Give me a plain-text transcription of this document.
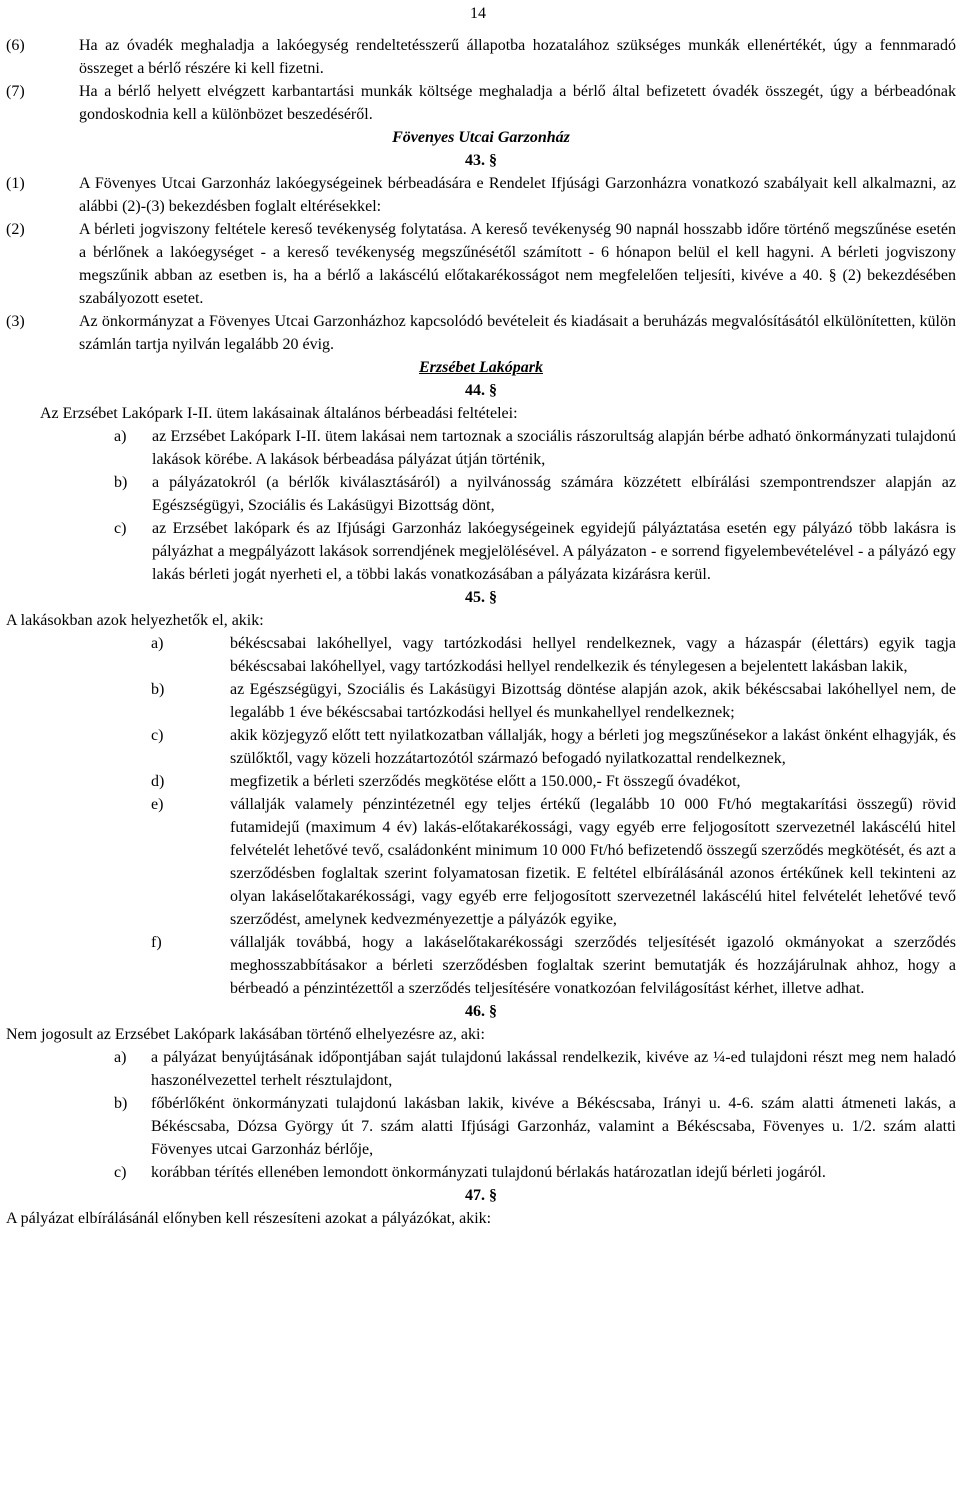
14

(6)	Ha az óvadék meghaladja a lakóegység rendeltetésszerű állapotba hozatalához szükséges munkák ellenértékét, úgy a fennmaradó összeget a bérlő részére ki kell fizetni.

(7)	Ha a bérlő helyett elvégzett karbantartási munkák költsége meghaladja a bérlő által befizetett óvadék összegét, úgy a bérbeadónak gondoskodnia kell a különbözet beszedéséről.

Fövenyes Utcai Garzonház

43. §

(1)	A Fövenyes Utcai Garzonház lakóegységeinek bérbeadására e Rendelet Ifjúsági Garzonházra vonatkozó szabályait kell alkalmazni, az alábbi (2)-(3) bekezdésben foglalt eltérésekkel:

(2)	A bérleti jogviszony feltétele kereső tevékenység folytatása. A kereső tevékenység 90 napnál hosszabb időre történő megszűnése esetén a bérlőnek a lakóegységet - a kereső tevékenység megszűnésétől számított - 6 hónapon belül el kell hagyni. A bérleti jogviszony megszűnik abban az esetben is, ha a bérlő a lakáscélú előtakarékosságot nem megfelelően teljesíti, kivéve a 40. § (2) bekezdésében szabályozott esetet.

(3)	Az önkormányzat a Fövenyes Utcai Garzonházhoz kapcsolódó bevételeit és kiadásait a beruházás megvalósításától elkülönítetten, külön számlán tartja nyilván legalább 20 évig.

Erzsébet Lakópark

44. §

Az Erzsébet Lakópark I-II. ütem lakásainak általános bérbeadási feltételei:

a) az Erzsébet Lakópark I-II. ütem lakásai nem tartoznak a szociális rászorultság alapján bérbe adható önkormányzati tulajdonú lakások körébe. A lakások bérbeadása pályázat útján történik,

b) a pályázatokról (a bérlők kiválasztásáról) a nyilvánosság számára közzétett elbírálási szempontrendszer alapján az Egészségügyi, Szociális és Lakásügyi Bizottság dönt,

c) az Erzsébet lakópark és az Ifjúsági Garzonház lakóegységeinek egyidejű pályáztatása esetén egy pályázó több lakásra is pályázhat a megpályázott lakások sorrendjének megjelölésével. A pályázaton - e sorrend figyelembevételével - a pályázó egy lakás bérleti jogát nyerheti el, a többi lakás vonatkozásában a pályázata kizárásra kerül.

45. §

A lakásokban azok helyezhetők el, akik:

a)	békéscsabai lakóhellyel, vagy tartózkodási hellyel rendelkeznek, vagy a házaspár (élettárs) egyik tagja békéscsabai lakóhellyel, vagy tartózkodási hellyel rendelkezik és ténylegesen a bejelentett lakásban lakik,

b)	az Egészségügyi, Szociális és Lakásügyi Bizottság döntése alapján azok, akik békéscsabai lakóhellyel nem, de legalább 1 éve békéscsabai tartózkodási hellyel és munkahellyel rendelkeznek;

c)	akik közjegyző előtt tett nyilatkozatban vállalják, hogy a bérleti jog megszűnésekor a lakást önként elhagyják, és szülőktől, vagy közeli hozzátartozótól származó befogadó nyilatkozattal rendelkeznek,

d)	megfizetik a bérleti szerződés megkötése előtt a 150.000,- Ft összegű óvadékot,

e)	vállalják valamely pénzintézetnél egy teljes értékű (legalább 10 000 Ft/hó megtakarítási összegű) rövid futamidejű (maximum 4 év) lakás-előtakarékossági, vagy egyéb erre feljogosított szervezetnél lakáscélú hitel felvételét lehetővé tevő, családonként minimum 10 000 Ft/hó befizetendő összegű szerződés megkötését, és azt a szerződésben foglaltak szerint folyamatosan fizetik. E feltétel elbírálásánál azonos értékűnek kell tekinteni az olyan lakáselőtakarékossági, vagy egyéb erre feljogosított szervezetnél lakáscélú hitel felvételét lehetővé tevő szerződést, amelynek kedvezményezettje a pályázók egyike,

f)	vállalják továbbá, hogy a lakáselőtakarékossági szerződés teljesítését igazoló okmányokat a szerződés meghosszabbításakor a bérleti szerződésben foglaltak szerint bemutatják és hozzájárulnak ahhoz, hogy a bérbeadó a pénzintézettől a szerződés teljesítésére vonatkozóan felvilágosítást kérhet, illetve adhat.

46. §

Nem jogosult az Erzsébet Lakópark lakásában történő elhelyezésre az, aki:

a) a pályázat benyújtásának időpontjában saját tulajdonú lakással rendelkezik, kivéve az ¼-ed tulajdoni részt meg nem haladó haszonélvezettel terhelt résztulajdont,

b) főbérlőként önkormányzati tulajdonú lakásban lakik, kivéve a Békéscsaba, Irányi u. 4-6. szám alatti átmeneti lakás, a Békéscsaba, Dózsa György út 7. szám alatti Ifjúsági Garzonház, valamint a Békéscsaba, Fövenyes u. 1/2. szám alatti Fövenyes utcai Garzonház bérlője,

c) korábban térítés ellenében lemondott önkormányzati tulajdonú bérlakás határozatlan idejű bérleti jogáról.

47. §

A pályázat elbírálásánál előnyben kell részesíteni azokat a pályázókat, akik:
